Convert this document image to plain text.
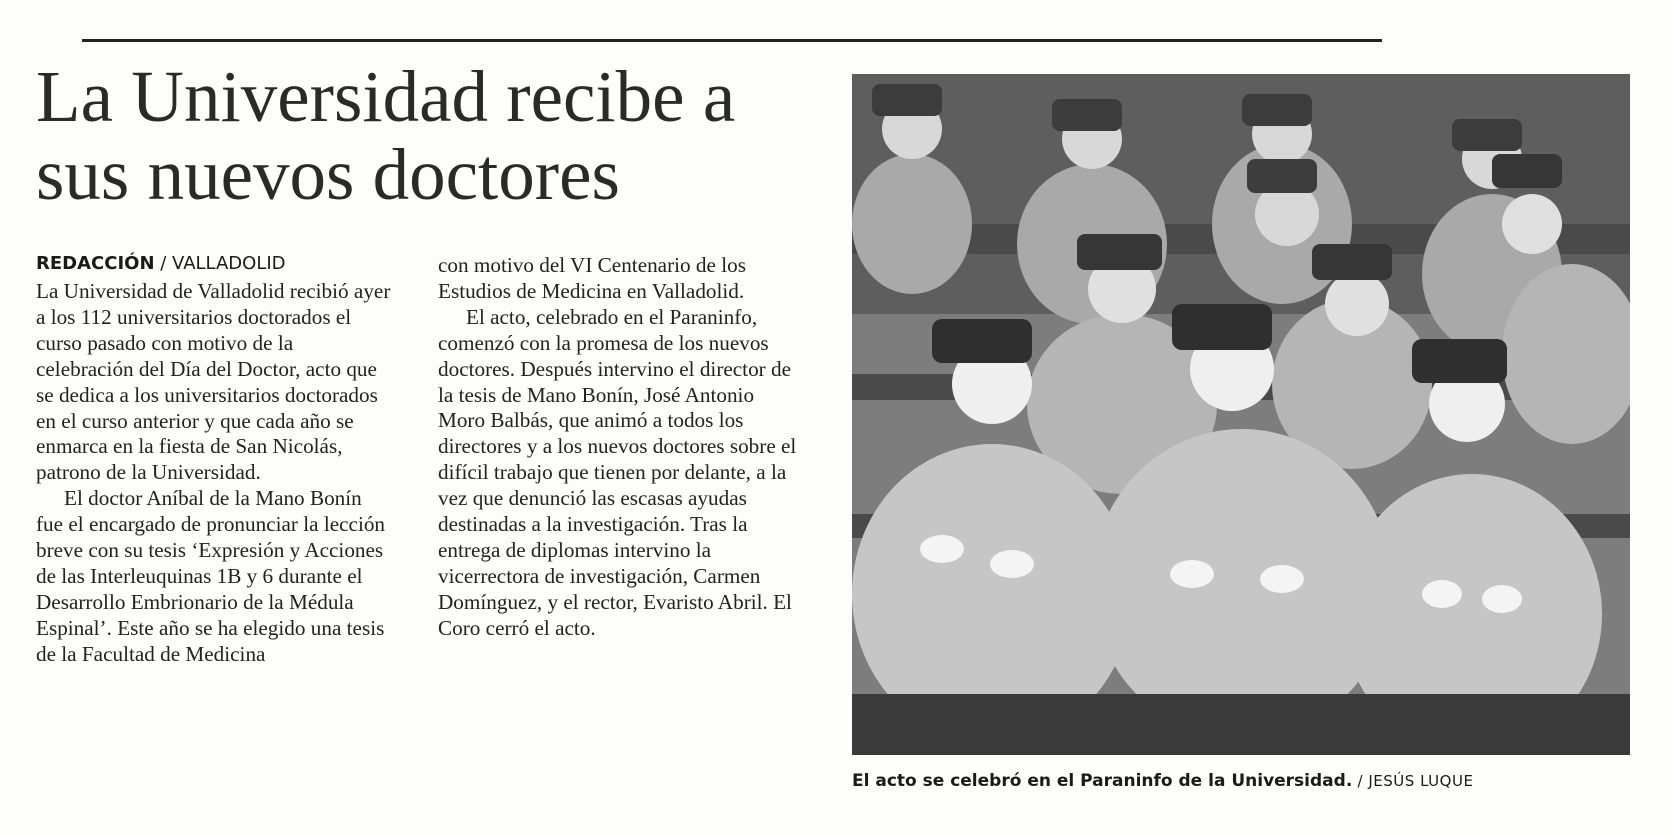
La Universidad recibe a sus nuevos doctores
REDACCIÓN / VALLADOLID

La Universidad de Valladolid recibió ayer a los 112 universitarios doctorados el curso pasado con motivo de la celebración del Día del Doctor, acto que se dedica a los universitarios doctorados en el curso anterior y que cada año se enmarca en la fiesta de San Nicolás, patrono de la Universidad.

El doctor Aníbal de la Mano Bonín fue el encargado de pronunciar la lección breve con su tesis ‘Expresión y Acciones de las Interleuquinas 1B y 6 durante el Desarrollo Embrionario de la Médula Espinal’. Este año se ha elegido una tesis de la Facultad de Medicina

con motivo del VI Centenario de los Estudios de Medicina en Valladolid.

El acto, celebrado en el Paraninfo, comenzó con la promesa de los nuevos doctores. Después intervino el director de la tesis de Mano Bonín, José Antonio Moro Balbás, que animó a todos los directores y a los nuevos doctores sobre el difícil trabajo que tienen por delante, a la vez que denunció las escasas ayudas destinadas a la investigación. Tras la entrega de diplomas intervino la vicerrectora de investigación, Carmen Domínguez, y el rector, Evaristo Abril. El Coro cerró el acto.

El acto se celebró en el Paraninfo de la Universidad. / JESÚS LUQUE
